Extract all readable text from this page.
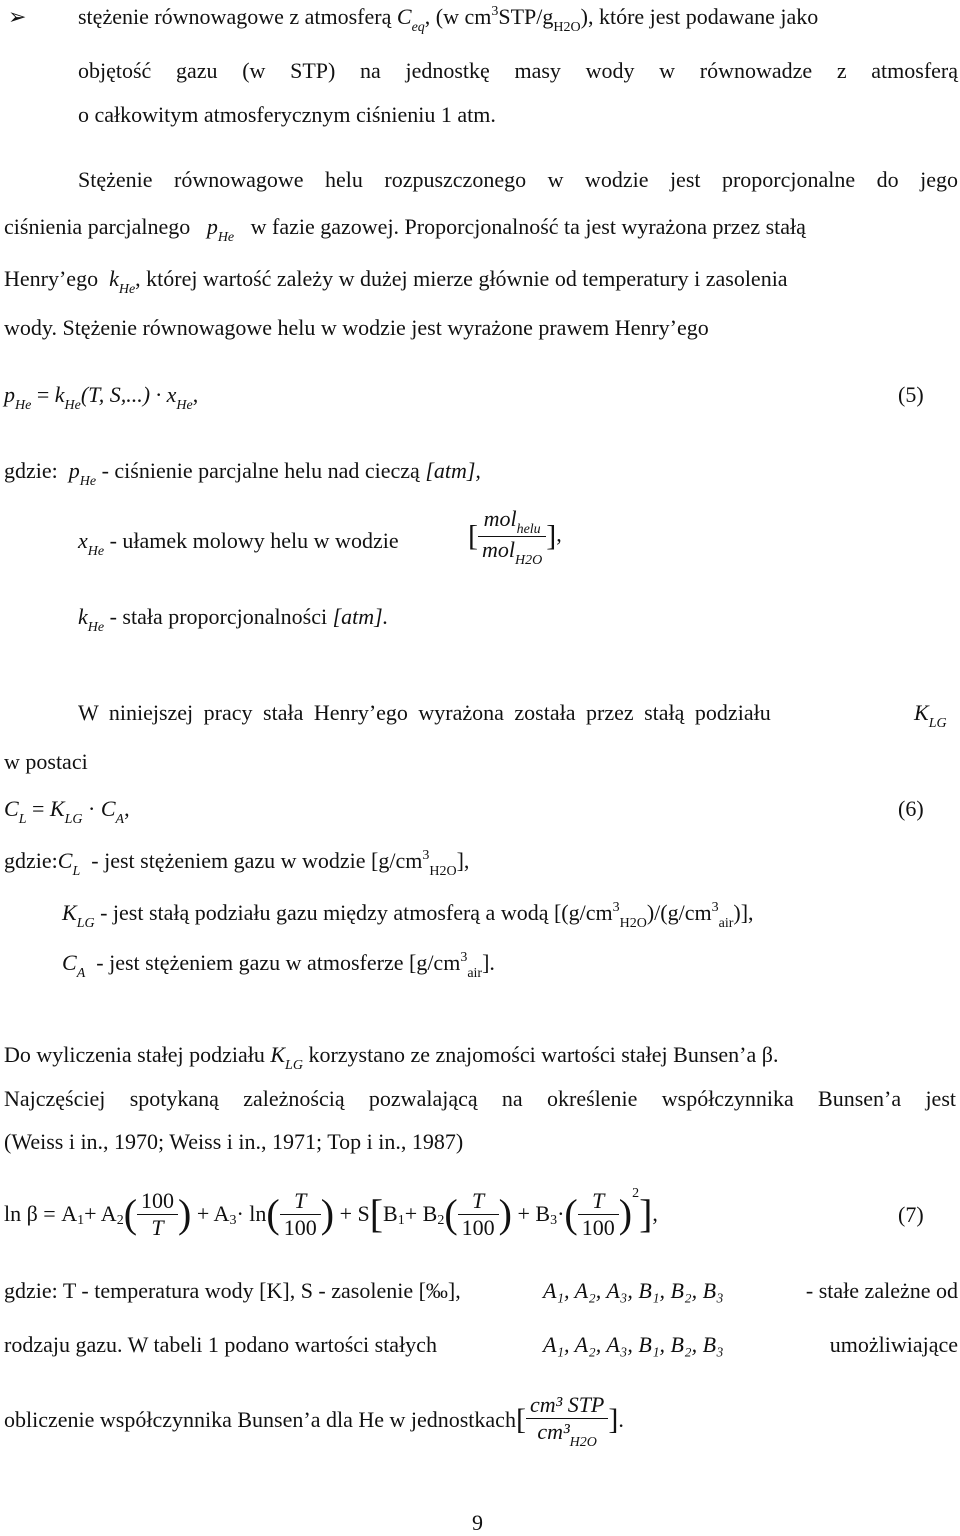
➢ stężenie równowagowe z atmosferą $C_{eq}$, (w $cm^3STP/g_{H2O}$), które jest podawane jako
objętość gazu (w STP) na jednostkę masy wody w równowadze z atmosferą
o całkowitym atmosferycznym ciśnieniu 1 atm.
Stężenie równowagowe helu rozpuszczonego w wodzie jest proporcjonalne do jego
ciśnienia parcjalnego $p_{He}$ w fazie gazowej. Proporcjonalność ta jest wyrażona przez stałą
Henry’ego $k_{He}$, której wartość zależy w dużej mierze głównie od temperatury i zasolenia
wody. Stężenie równowagowe helu w wodzie jest wyrażone prawem Henry’ego
$p_{He} = k_{He}(T$, $S,...) \cdot x_{He}$,	(5)
gdzie: $p_{He}$ - ciśnienie parcjalne helu nad cieczą [atm],
$x_{He}$ - ułamek molowy helu w wodzie [ $\frac{mol_{helu}}{mol_{H2O}}$ ],
$k_{He}$ - stała proporcjonalności [atm].
W niniejszej pracy stała Henry’ego wyrażona została przez stałą podziału	$K_{LG}$
w postaci
$C_L = K_{LG} \cdot C_A$,	(6)
$gdzie:C_L$  - jest stężeniem gazu w wodzie $[g/cm^3_{H2O}]$,
$K_{LG}$ - jest stałą podziału gazu między atmosferą a wodą $[(g/cm^3_{H2O})/(g/cm^3_{air})]$,
$C_A$  - jest stężeniem gazu w atmosferze $[g/cm^3_{air}]$.
Do wyliczenia stałej podziału $K_{LG}$ korzystano ze znajomości wartości stałej Bunsen’a β.
Najczęściej spotykaną zależnością pozwalającą na określenie współczynnika Bunsen’a jest
(Weiss i in., 1970; Weiss i in., 1971; Top i in., 1987)
ln β = A 1 + A 2 ( $\frac{100}{T}$ )
+ A 3 · ln ( $\frac{T}{100}$ )
+ S [ B 1 + B 2 ( $\frac{T}{100}$ )
+ B 3 · ( $\frac{T}{100}$ ) 2 ] ,	(7)
gdzie: T - temperatura wody [K], S - zasolenie [‰],	A₁, A₂, A₃, B₁, B₂, B₃	- stałe zależne od
rodzaju gazu. W tabeli 1 podano wartości stałych	A₁, A₂, A₃, B₁, B₂, B₃	umożliwiające
obliczenie współczynnika Bunsen’a dla He w jednostkach [ $\frac{\text{cm³ STP}}{cm^3_{H2O}}$ ] .
9
